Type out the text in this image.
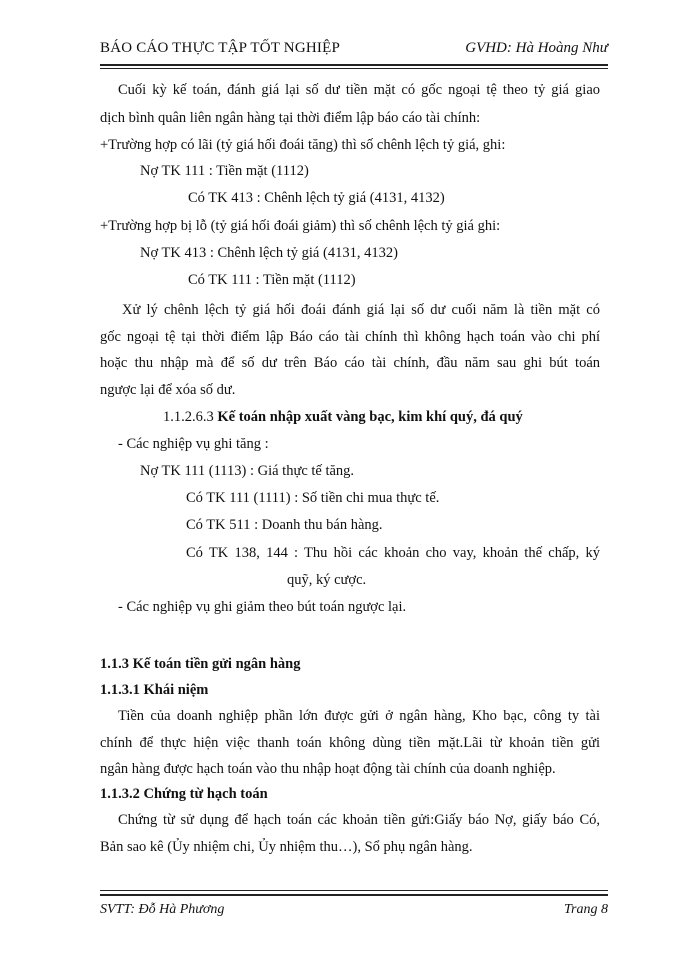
BÁO CÁO THỰC TẬP TỐT NGHIỆP	GVHD: Hà Hoàng Như
Cuối kỳ kế toán, đánh giá lại số dư tiền mặt có gốc ngoại tệ theo tỷ giá giao
dịch bình quân liên ngân hàng tại thời điểm lập báo cáo tài chính:
+Trường hợp có lãi (tỷ giá hối đoái tăng) thì số chênh lệch tỷ giá, ghi:
Nợ TK 111 : Tiền mặt (1112)
Có TK 413 : Chênh lệch tỷ giá (4131, 4132)
+Trường hợp bị lỗ (tỷ giá hối đoái giảm) thì số chênh lệch tỷ giá ghi:
Nợ TK 413 : Chênh lệch tỷ giá (4131, 4132)
Có TK 111 : Tiền mặt (1112)
Xử lý chênh lệch tỷ giá hối đoái đánh giá lại số dư cuối năm là tiền mặt có
gốc ngoại tệ tại thời điểm lập Báo cáo tài chính thì không hạch toán vào chi phí
hoặc thu nhập mà để số dư trên Báo cáo tài chính, đầu năm sau ghi bút toán
ngược lại để xóa số dư.
1.1.2.6.3 Kế toán nhập xuất vàng bạc, kim khí quý, đá quý
- Các nghiệp vụ ghi tăng :
Nợ TK 111 (1113) : Giá thực tế tăng.
Có TK 111 (1111) : Số tiền chi mua thực tế.
Có TK 511 : Doanh thu bán hàng.
Có TK 138, 144 : Thu hồi các khoản cho vay, khoản thế chấp, ký
quỹ, ký cược.
- Các nghiệp vụ ghi giảm theo bút toán ngược lại.
1.1.3 Kế toán tiền gửi ngân hàng
1.1.3.1 Khái niệm
Tiền của doanh nghiệp phần lớn được gửi ở ngân hàng, Kho bạc, công ty tài
chính để thực hiện việc thanh toán không dùng tiền mặt.Lãi từ khoản tiền gửi
ngân hàng được hạch toán vào thu nhập hoạt động tài chính của doanh nghiệp.
1.1.3.2 Chứng từ hạch toán
Chứng từ sử dụng để hạch toán các khoản tiền gửi:Giấy báo Nợ, giấy báo Có,
Bản sao kê (Ủy nhiệm chi, Ủy nhiệm thu…), Sổ phụ ngân hàng.
SVTT: Đỗ Hà Phương	Trang 8
